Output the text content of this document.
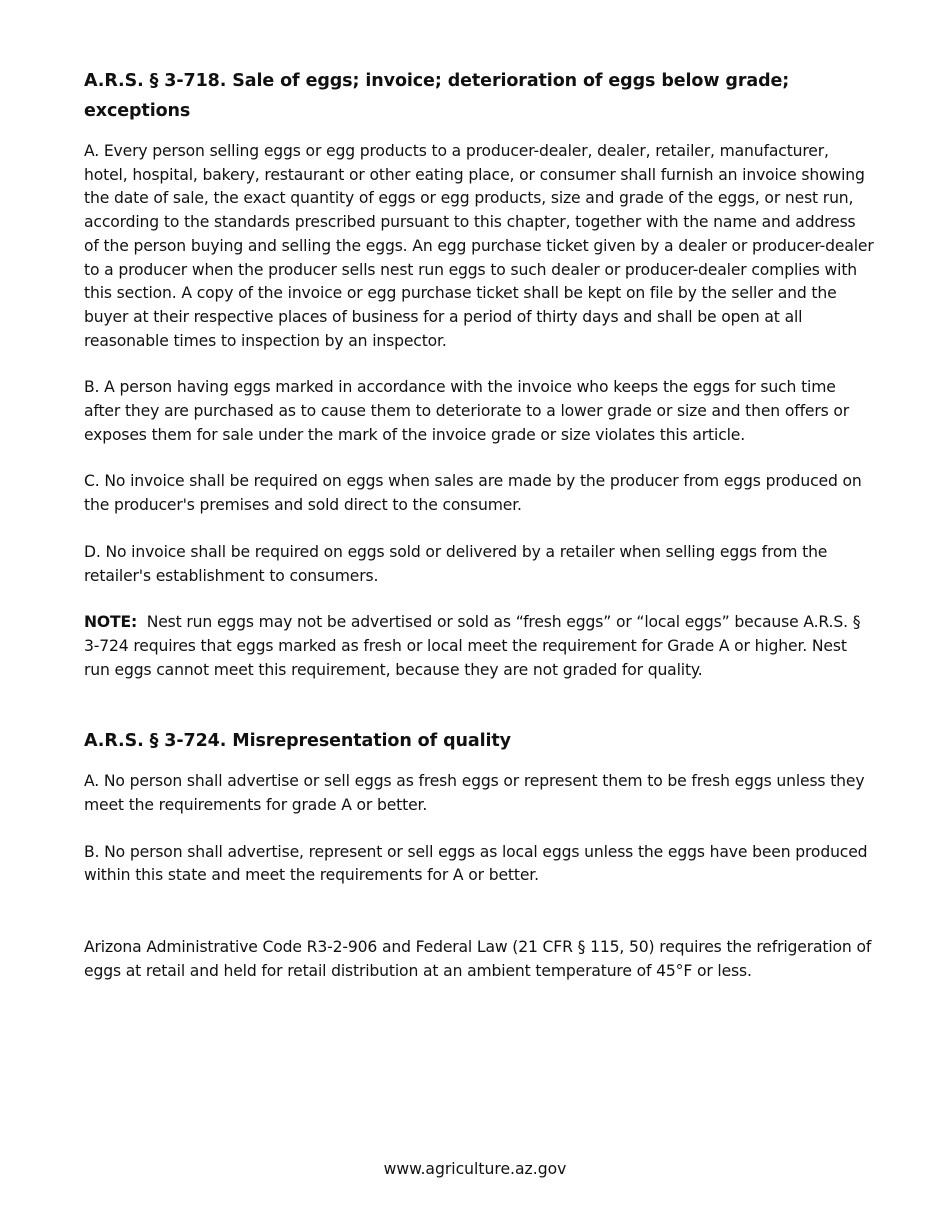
A.R.S. § 3-718. Sale of eggs; invoice; deterioration of eggs below grade; exceptions

A. Every person selling eggs or egg products to a producer-dealer, dealer, retailer, manufacturer, hotel, hospital, bakery, restaurant or other eating place, or consumer shall furnish an invoice showing the date of sale, the exact quantity of eggs or egg products, size and grade of the eggs, or nest run, according to the standards prescribed pursuant to this chapter, together with the name and address of the person buying and selling the eggs. An egg purchase ticket given by a dealer or producer-dealer to a producer when the producer sells nest run eggs to such dealer or producer-dealer complies with this section. A copy of the invoice or egg purchase ticket shall be kept on file by the seller and the buyer at their respective places of business for a period of thirty days and shall be open at all reasonable times to inspection by an inspector.

B. A person having eggs marked in accordance with the invoice who keeps the eggs for such time after they are purchased as to cause them to deteriorate to a lower grade or size and then offers or exposes them for sale under the mark of the invoice grade or size violates this article.

C. No invoice shall be required on eggs when sales are made by the producer from eggs produced on the producer's premises and sold direct to the consumer.

D. No invoice shall be required on eggs sold or delivered by a retailer when selling eggs from the retailer's establishment to consumers.

NOTE: Nest run eggs may not be advertised or sold as “fresh eggs” or “local eggs” because A.R.S. § 3-724 requires that eggs marked as fresh or local meet the requirement for Grade A or higher. Nest run eggs cannot meet this requirement, because they are not graded for quality.

A.R.S. § 3-724. Misrepresentation of quality

A. No person shall advertise or sell eggs as fresh eggs or represent them to be fresh eggs unless they meet the requirements for grade A or better.

B. No person shall advertise, represent or sell eggs as local eggs unless the eggs have been produced within this state and meet the requirements for A or better.

Arizona Administrative Code R3-2-906 and Federal Law (21 CFR § 115, 50) requires the refrigeration of eggs at retail and held for retail distribution at an ambient temperature of 45°F or less.

www.agriculture.az.gov
